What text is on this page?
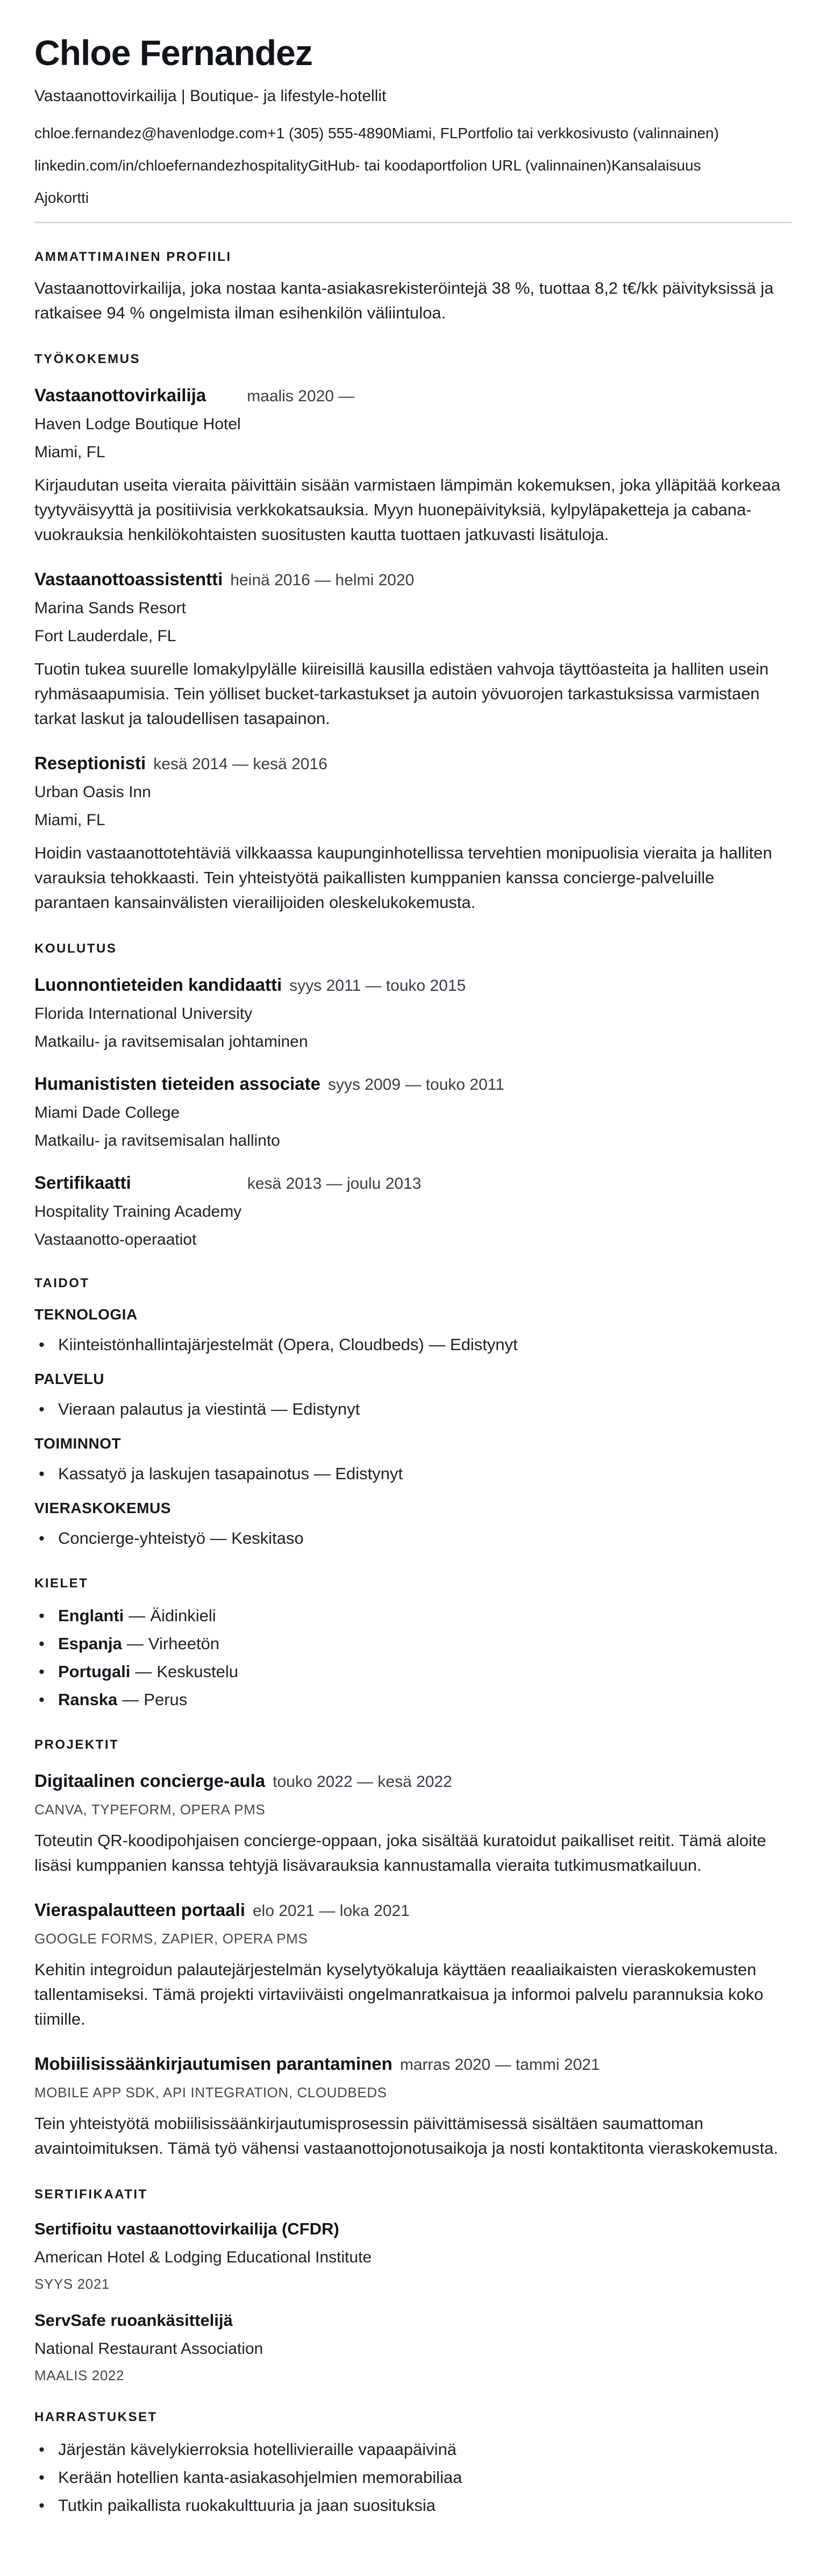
Chloe Fernandez
Vastaanottovirkailija | Boutique- ja lifestyle-hotellit
chloe.fernandez@havenlodge.com+1 (305) 555-4890Miami, FLPortfolio tai verkkosivusto (valinnainen)
linkedin.com/in/chloefernandezhospitalityGitHub- tai koodaportfolion URL (valinnainen)Kansalaisuus
Ajokortti
AMMATTIMAINEN PROFIILI

Vastaanottovirkailija, joka nostaa kanta-asiakasrekisteröintejä 38 %, tuottaa 8,2 t€/kk päivityksissä ja ratkaisee 94 % ongelmista ilman esihenkilön väliintuloa.

TYÖKOKEMUS
Vastaanottovirkailija	maalis 2020 —
Haven Lodge Boutique Hotel
Miami, FL

Kirjaudutan useita vieraita päivittäin sisään varmistaen lämpimän kokemuksen, joka ylläpitää korkeaa tyytyväisyyttä ja positiivisia verkkokatsauksia. Myyn huonepäivityksiä, kylpyläpaketteja ja cabana-vuokrauksia henkilökohtaisten suositusten kautta tuottaen jatkuvasti lisätuloja.

Vastaanottoassistentti heinä 2016 — helmi 2020
Marina Sands Resort
Fort Lauderdale, FL

Tuotin tukea suurelle lomakylpylälle kiireisillä kausilla edistäen vahvoja täyttöasteita ja halliten usein ryhmäsaapumisia. Tein yölliset bucket-tarkastukset ja autoin yövuorojen tarkastuksissa varmistaen tarkat laskut ja taloudellisen tasapainon.

Reseptionisti kesä 2014 — kesä 2016
Urban Oasis Inn
Miami, FL

Hoidin vastaanottotehtäviä vilkkaassa kaupunginhotellissa tervehtien monipuolisia vieraita ja halliten varauksia tehokkaasti. Tein yhteistyötä paikallisten kumppanien kanssa concierge-palveluille parantaen kansainvälisten vierailijoiden oleskelukokemusta.

KOULUTUS
Luonnontieteiden kandidaatti syys 2011 — touko 2015
Florida International University
Matkailu- ja ravitsemisalan johtaminen
Humanististen tieteiden associate syys 2009 — touko 2011
Miami Dade College
Matkailu- ja ravitsemisalan hallinto
Sertifikaatti	kesä 2013 — joulu 2013
Hospitality Training Academy
Vastaanotto-operaatiot
TAIDOT
TEKNOLOGIA
• Kiinteistönhallintajärjestelmät (Opera, Cloudbeds) — Edistynyt
PALVELU
• Vieraan palautus ja viestintä — Edistynyt
TOIMINNOT
• Kassatyö ja laskujen tasapainotus — Edistynyt
VIERASKOKEMUS
• Concierge-yhteistyö — Keskitaso
KIELET
• Englanti — Äidinkieli
• Espanja — Virheetön
• Portugali — Keskustelu
• Ranska — Perus
PROJEKTIT
Digitaalinen concierge-aula touko 2022 — kesä 2022
CANVA, TYPEFORM, OPERA PMS

Toteutin QR-koodipohjaisen concierge-oppaan, joka sisältää kuratoidut paikalliset reitit. Tämä aloite lisäsi kumppanien kanssa tehtyjä lisävarauksia kannustamalla vieraita tutkimusmatkailuun.

Vieraspalautteen portaali elo 2021 — loka 2021
GOOGLE FORMS, ZAPIER, OPERA PMS

Kehitin integroidun palautejärjestelmän kyselytyökaluja käyttäen reaaliaikaisten vieraskokemusten tallentamiseksi. Tämä projekti virtaviiväisti ongelmanratkaisua ja informoi palvelu parannuksia koko tiimille.

Mobiilisissäänkirjautumisen parantaminen marras 2020 — tammi 2021
MOBILE APP SDK, API INTEGRATION, CLOUDBEDS

Tein yhteistyötä mobiilisissäänkirjautumisprosessin päivittämisessä sisältäen saumattoman avaintoimituksen. Tämä työ vähensi vastaanottojonotusaikoja ja nosti kontaktitonta vieraskokemusta.

SERTIFIKAATIT
Sertifioitu vastaanottovirkailija (CFDR)
American Hotel & Lodging Educational Institute
SYYS 2021
ServSafe ruoankäsittelijä
National Restaurant Association
MAALIS 2022
HARRASTUKSET
• Järjestän kävelykierroksia hotellivieraille vapaapäivinä
• Kerään hotellien kanta-asiakasohjelmien memorabiliaa
• Tutkin paikallista ruokakulttuuria ja jaan suosituksia
